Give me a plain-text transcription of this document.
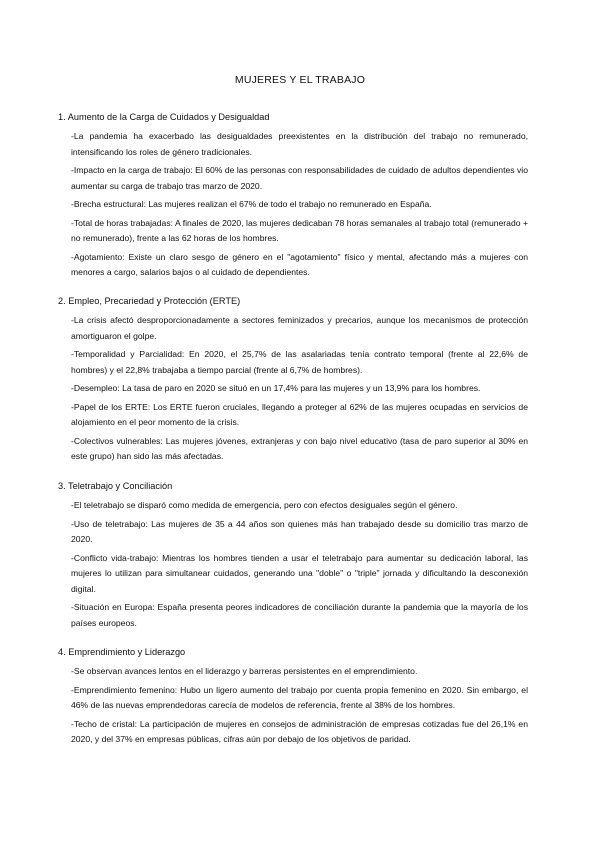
MUJERES Y EL TRABAJO
1. Aumento de la Carga de Cuidados y Desigualdad
-La pandemia ha exacerbado las desigualdades preexistentes en la distribución del trabajo no remunerado, intensificando los roles de género tradicionales.
-Impacto en la carga de trabajo: El 60% de las personas con responsabilidades de cuidado de adultos dependientes vio aumentar su carga de trabajo tras marzo de 2020.
-Brecha estructural: Las mujeres realizan el 67% de todo el trabajo no remunerado en España.
-Total de horas trabajadas: A finales de 2020, las mujeres dedicaban 78 horas semanales al trabajo total (remunerado + no remunerado), frente a las 62 horas de los hombres.
-Agotamiento: Existe un claro sesgo de género en el "agotamiento" físico y mental, afectando más a mujeres con menores a cargo, salarios bajos o al cuidado de dependientes.
2. Empleo, Precariedad y Protección (ERTE)
-La crisis afectó desproporcionadamente a sectores feminizados y precarios, aunque los mecanismos de protección amortiguaron el golpe.
-Temporalidad y Parcialidad: En 2020, el 25,7% de las asalariadas tenía contrato temporal (frente al 22,6% de hombres) y el 22,8% trabajaba a tiempo parcial (frente al 6,7% de hombres).
-Desempleo: La tasa de paro en 2020 se situó en un 17,4% para las mujeres y un 13,9% para los hombres.
-Papel de los ERTE: Los ERTE fueron cruciales, llegando a proteger al 62% de las mujeres ocupadas en servicios de alojamiento en el peor momento de la crisis.
-Colectivos vulnerables: Las mujeres jóvenes, extranjeras y con bajo nivel educativo (tasa de paro superior al 30% en este grupo) han sido las más afectadas.
3. Teletrabajo y Conciliación
-El teletrabajo se disparó como medida de emergencia, pero con efectos desiguales según el género.
-Uso de teletrabajo: Las mujeres de 35 a 44 años son quienes más han trabajado desde su domicilio tras marzo de 2020.
-Conflicto vida-trabajo: Mientras los hombres tienden a usar el teletrabajo para aumentar su dedicación laboral, las mujeres lo utilizan para simultanear cuidados, generando una "doble" o "triple" jornada y dificultando la desconexión digital.
-Situación en Europa: España presenta peores indicadores de conciliación durante la pandemia que la mayoría de los países europeos.
4. Emprendimiento y Liderazgo
-Se observan avances lentos en el liderazgo y barreras persistentes en el emprendimiento.
-Emprendimiento femenino: Hubo un ligero aumento del trabajo por cuenta propia femenino en 2020. Sin embargo, el 46% de las nuevas emprendedoras carecía de modelos de referencia, frente al 38% de los hombres.
-Techo de cristal: La participación de mujeres en consejos de administración de empresas cotizadas fue del 26,1% en 2020, y del 37% en empresas públicas, cifras aún por debajo de los objetivos de paridad.
